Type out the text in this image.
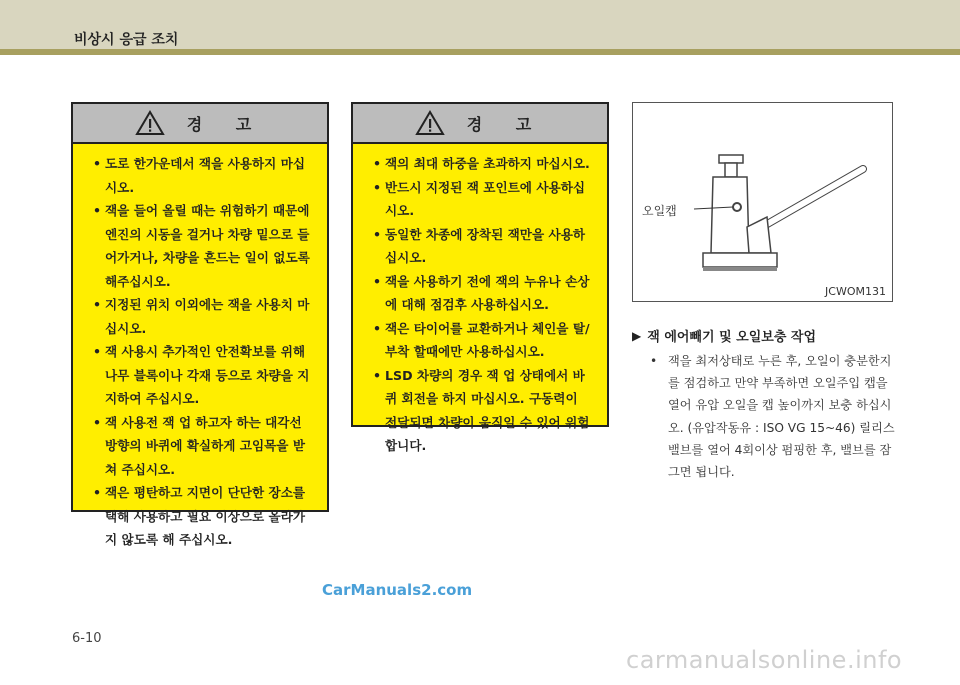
비상시 응급 조치
경 고
• 도로 한가운데서 잭을 사용하지 마십시오.
• 잭을 들어 올릴 때는 위험하기 때문에 엔진의 시동을 걸거나 차량 밑으로 들어가거나, 차량을 흔드는 일이 없도록 해주십시오.
• 지정된 위치 이외에는 잭을 사용치 마십시오.
• 잭 사용시 추가적인 안전확보를 위해 나무 블록이나 각재 등으로 차량을 지지하여 주십시오.
• 잭 사용전 잭 업 하고자 하는 대각선 방향의 바퀴에 확실하게 고임목을 받쳐 주십시오.
• 잭은 평탄하고 지면이 단단한 장소를 택해 사용하고 필요 이상으로 올라가지 않도록 해 주십시오.
경 고
• 잭의 최대 하중을 초과하지 마십시오.
• 반드시 지정된 잭 포인트에 사용하십시오.
• 동일한 차종에 장착된 잭만을 사용하십시오.
• 잭을 사용하기 전에 잭의 누유나 손상에 대해 점검후 사용하십시오.
• 잭은 타이어를 교환하거나 체인을 탈/부착 할때에만 사용하십시오.
• LSD 차량의 경우 잭 업 상태에서 바퀴 회전을 하지 마십시오. 구동력이 전달되면 차량이 움직일 수 있어 위험합니다.
오일캡
JCWOM131
▶ 잭 에어빼기 및 오일보충 작업
• 잭을 최저상태로 누른 후, 오일이 충분한지를 점검하고 만약 부족하면 오일주입 캡을 열어 유압 오일을 캡 높이까지 보충 하십시오. (유압작동유 : ISO VG 15~46) 릴리스 밸브를 열어 4회이상 펌핑한 후, 밸브를 잠그면 됩니다.
CarManuals2.com
6-10
carmanualsonline.info
